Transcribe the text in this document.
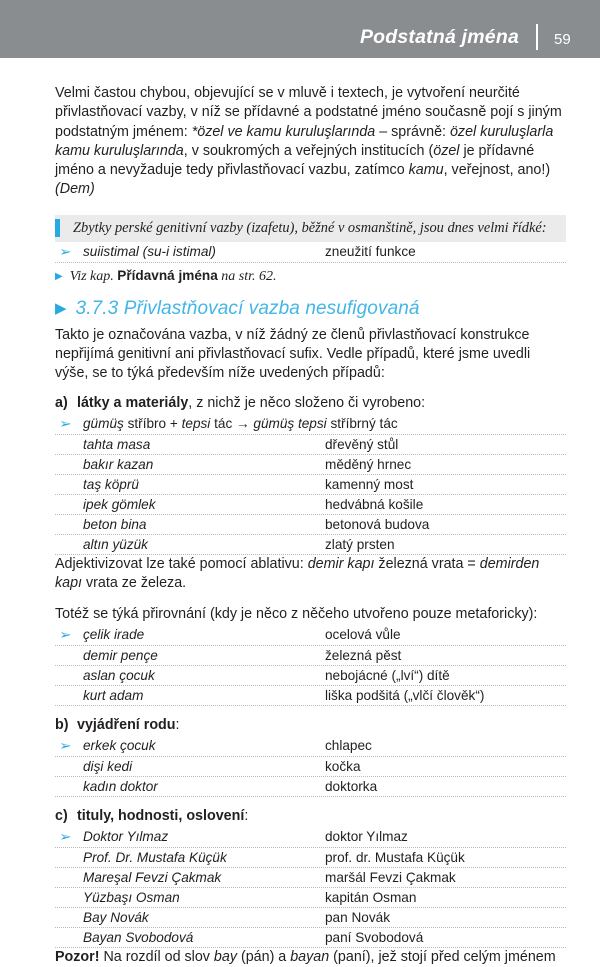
Podstatná jména 59

Velmi častou chybou, objevující se v mluvě i textech, je vytvoření neurčité přivlastňovací vazby, v níž se přídavné a podstatné jméno současně pojí s jiným podstatným jménem: *özel ve kamu kuruluşlarında – správně: özel kuruluşlarla kamu kuruluşlarında, v soukromých a veřejných institucích (özel je přídavné jméno a nevyžaduje tedy přivlastňovací vazbu, zatímco kamu, veřejnost, ano!) (Dem)

Zbytky perské genitivní vazby (izafetu), běžné v osmanštině, jsou dnes velmi řídké:
➢ suiistimal (su-i istimal)	zneužití funkce
▶ Viz kap. Přídavná jména na str. 62.
▶ 3.7.3
Přivlastňovací vazba nesufigovaná

Takto je označována vazba, v níž žádný ze členů přivlastňovací konstrukce nepřijímá genitivní ani přivlastňovací sufix. Vedle případů, které jsme uvedli výše, se to týká především níže uvedených případů:

a) látky a materiály, z nichž je něco složeno či vyrobeno:
➢ gümüş stříbro + tepsi tác → gümüş tepsi stříbrný tác
tahta masa	dřevěný stůl
bakır kazan	měděný hrnec
taş köprü	kamenný most
ipek gömlek	hedvábná košile
beton bina	betonová budova
altın yüzük	zlatý prsten

Adjektivizovat lze také pomocí ablativu: demir kapı železná vrata = demirden kapı vrata ze železa.

Totéž se týká přirovnání (kdy je něco z něčeho utvořeno pouze metaforicky):

➢ çelik irade	ocelová vůle
demir pençe	železná pěst
aslan çocuk	nebojácné („lví“) dítě
kurt adam	liška podšitá („vlčí člověk“)
b) vyjádření rodu:
➢ erkek çocuk	chlapec
dişi kedi	kočka
kadın doktor	doktorka
c) tituly, hodnosti, oslovení:
➢ Doktor Yılmaz	doktor Yılmaz
Prof. Dr. Mustafa Küçük	prof. dr. Mustafa Küçük
Mareşal Fevzi Çakmak	maršál Fevzi Çakmak
Yüzbaşı Osman	kapitán Osman
Bay Novák	pan Novák
Bayan Svobodová	paní Svobodová

Pozor! Na rozdíl od slov bay (pán) a bayan (paní), jež stojí před celým jménem
